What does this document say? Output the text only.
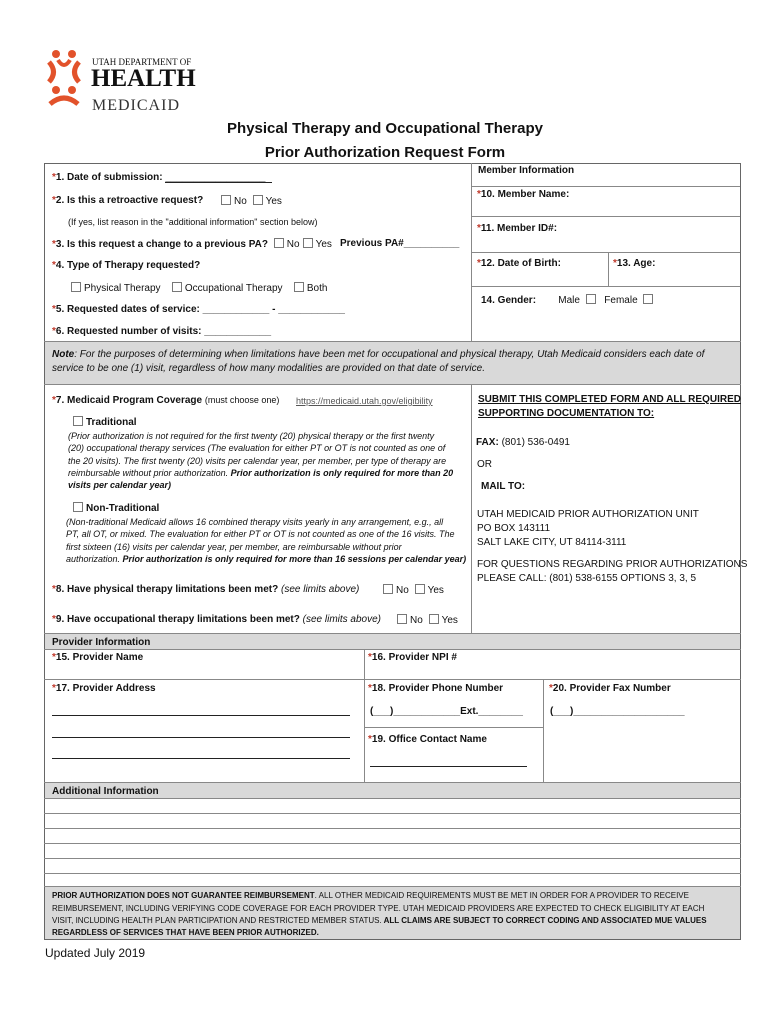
UTAH DEPARTMENT OF
HEALTH
MEDICAID
Physical Therapy and Occupational Therapy
Prior Authorization Request Form
*1. Date of submission: __________________
*2. Is this a retroactive request?	No Yes
(If yes, list reason in the "additional information" section below)
*3. Is this request a change to a previous PA? No Yes Previous PA#__________
*4. Type of Therapy requested?
Physical Therapy Occupational Therapy Both
*5. Requested dates of service: ____________ - ____________
*6. Requested number of visits: ____________
Member Information
*10. Member Name:
*11. Member ID#:
*12. Date of Birth:	*13. Age:
14. Gender: Male Female
Note: For the purposes of determining when limitations have been met for occupational and physical therapy, Utah Medicaid considers each date of
service to be one (1) visit, regardless of how many modalities are provided on that date of service.
*7. Medicaid Program Coverage (must choose one) https://medicaid.utah.gov/eligibility
Traditional
(Prior authorization is not required for the first twenty (20) physical therapy or the first twenty
(20) occupational therapy services (The evaluation for either PT or OT is not counted as one of
the 20 visits). The first twenty (20) visits per calendar year, per member, per type of therapy are
reimbursable without prior authorization. Prior authorization is only required for more than 20
visits per calendar year)
Non-Traditional
(Non-traditional Medicaid allows 16 combined therapy visits yearly in any arrangement, e.g., all
PT, all OT, or mixed. The evaluation for either PT or OT is not counted as one of the 16 visits. The
first sixteen (16) visits per calendar year, per member, are reimbursable without prior
authorization. Prior authorization is only required for more than 16 sessions per calendar year)
*8. Have physical therapy limitations been met? (see limits above)	No Yes
*9. Have occupational therapy limitations been met? (see limits above)	No Yes
SUBMIT THIS COMPLETED FORM AND ALL REQUIRED
SUPPORTING DOCUMENTATION TO:
FAX: (801) 536-0491
OR
MAIL TO:
UTAH MEDICAID PRIOR AUTHORIZATION UNIT
PO BOX 143111
SALT LAKE CITY, UT 84114-3111
FOR QUESTIONS REGARDING PRIOR AUTHORIZATIONS
PLEASE CALL: (801) 538-6155 OPTIONS 3, 3, 5
Provider Information
*15. Provider Name	*16. Provider NPI #
*17. Provider Address	*18. Provider Phone Number
(___)____________Ext.________
*20. Provider Fax Number
(___)____________________
*19. Office Contact Name
Additional Information
PRIOR AUTHORIZATION DOES NOT GUARANTEE REIMBURSEMENT. ALL OTHER MEDICAID REQUIREMENTS MUST BE MET IN ORDER FOR A PROVIDER TO RECEIVE
REIMBURSEMENT, INCLUDING VERIFYING CODE COVERAGE FOR EACH PROVIDER TYPE. UTAH MEDICAID PROVIDERS ARE EXPECTED TO CHECK ELIGIBILITY AT EACH
VISIT, INCLUDING HEALTH PLAN PARTICIPATION AND RESTRICTED MEMBER STATUS. ALL CLAIMS ARE SUBJECT TO CORRECT CODING AND ASSOCIATED MUE VALUES
REGARDLESS OF SERVICES THAT HAVE BEEN PRIOR AUTHORIZED.
Updated July 2019
